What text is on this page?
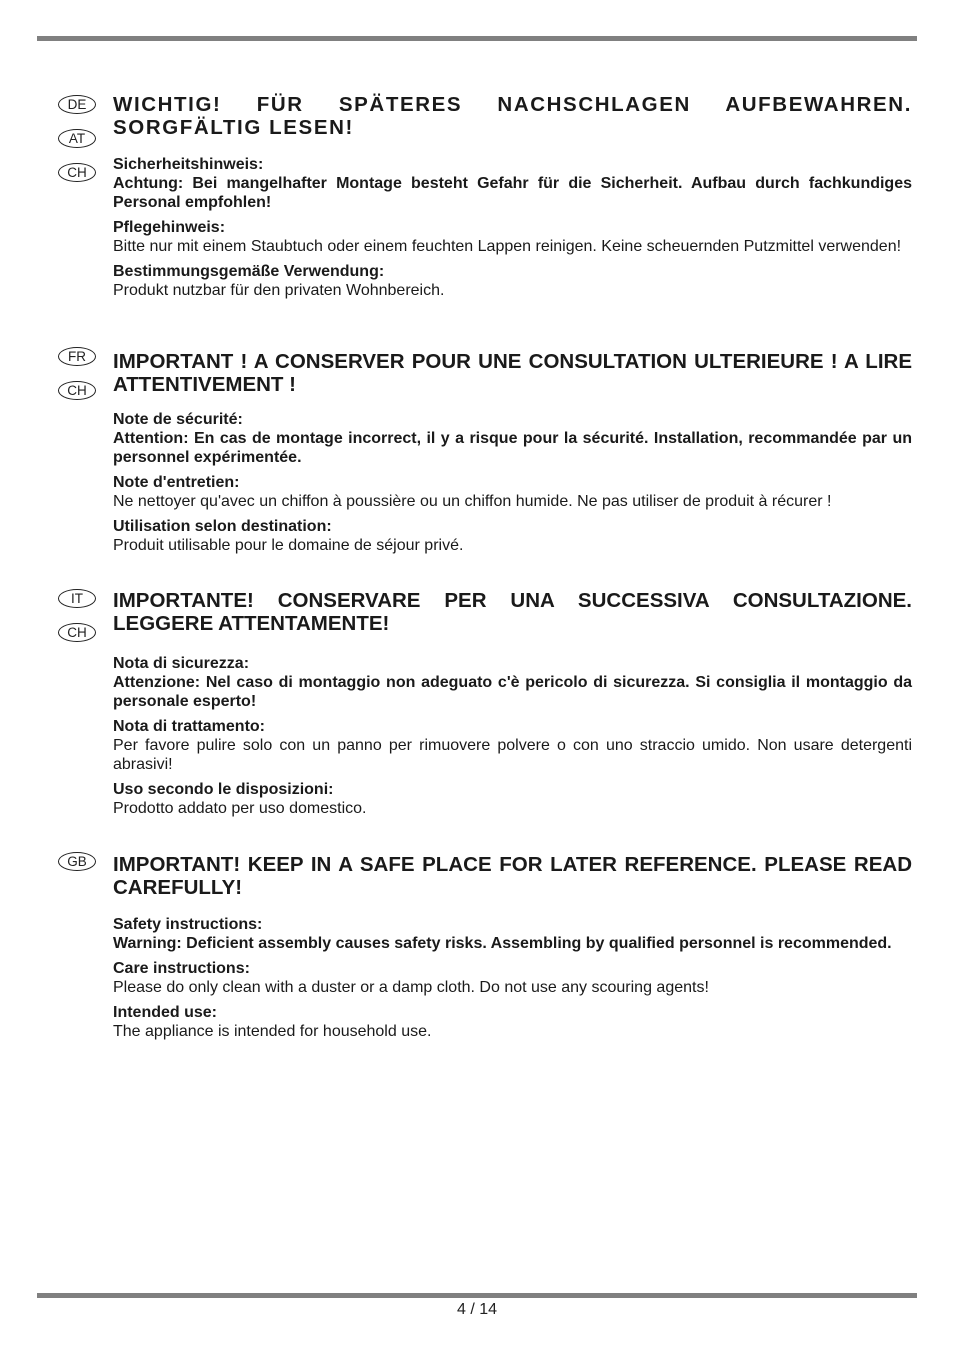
DE
AT
CH
WICHTIG! FÜR SPÄTERES NACHSCHLAGEN AUFBEWAHREN. SORGFÄLTIG LESEN!
Sicherheitshinweis:
Achtung: Bei mangelhafter Montage besteht Gefahr für die Sicherheit. Aufbau durch fachkundiges Personal empfohlen!
Pflegehinweis:
Bitte nur mit einem Staubtuch oder einem feuchten Lappen reinigen. Keine scheuernden Putzmittel verwenden!
Bestimmungsgemäße Verwendung:
Produkt nutzbar für den privaten Wohnbereich.
FR
CH
IMPORTANT ! A CONSERVER POUR UNE CONSULTATION ULTERIEURE ! A LIRE ATTENTIVEMENT !
Note de sécurité:
Attention: En cas de montage incorrect, il y a risque pour la sécurité. Installation, recommandée par un personnel expérimentée.
Note d'entretien:
Ne nettoyer qu'avec un chiffon à poussière ou un chiffon humide. Ne pas utiliser de produit à récurer !
Utilisation selon destination:
Produit utilisable pour le domaine de séjour privé.
IT
CH
IMPORTANTE! CONSERVARE PER UNA SUCCESSIVA CONSULTAZIONE. LEGGERE ATTENTAMENTE!
Nota di sicurezza:
Attenzione: Nel caso di montaggio non adeguato c'è pericolo di sicurezza. Si consiglia il montaggio da personale esperto!
Nota di trattamento:
Per favore pulire solo con un panno per rimuovere polvere o con uno straccio umido. Non usare detergenti abrasivi!
Uso secondo le disposizioni:
Prodotto addato per uso domestico.
GB	IMPORTANT! KEEP IN A SAFE PLACE FOR LATER REFERENCE. PLEASE READ CAREFULLY!
Safety instructions:
Warning: Deficient assembly causes safety risks. Assembling by qualified personnel is recommended.
Care instructions:
Please do only clean with a duster or a damp cloth. Do not use any scouring agents!
Intended use:
The appliance is intended for household use.
4 / 14
